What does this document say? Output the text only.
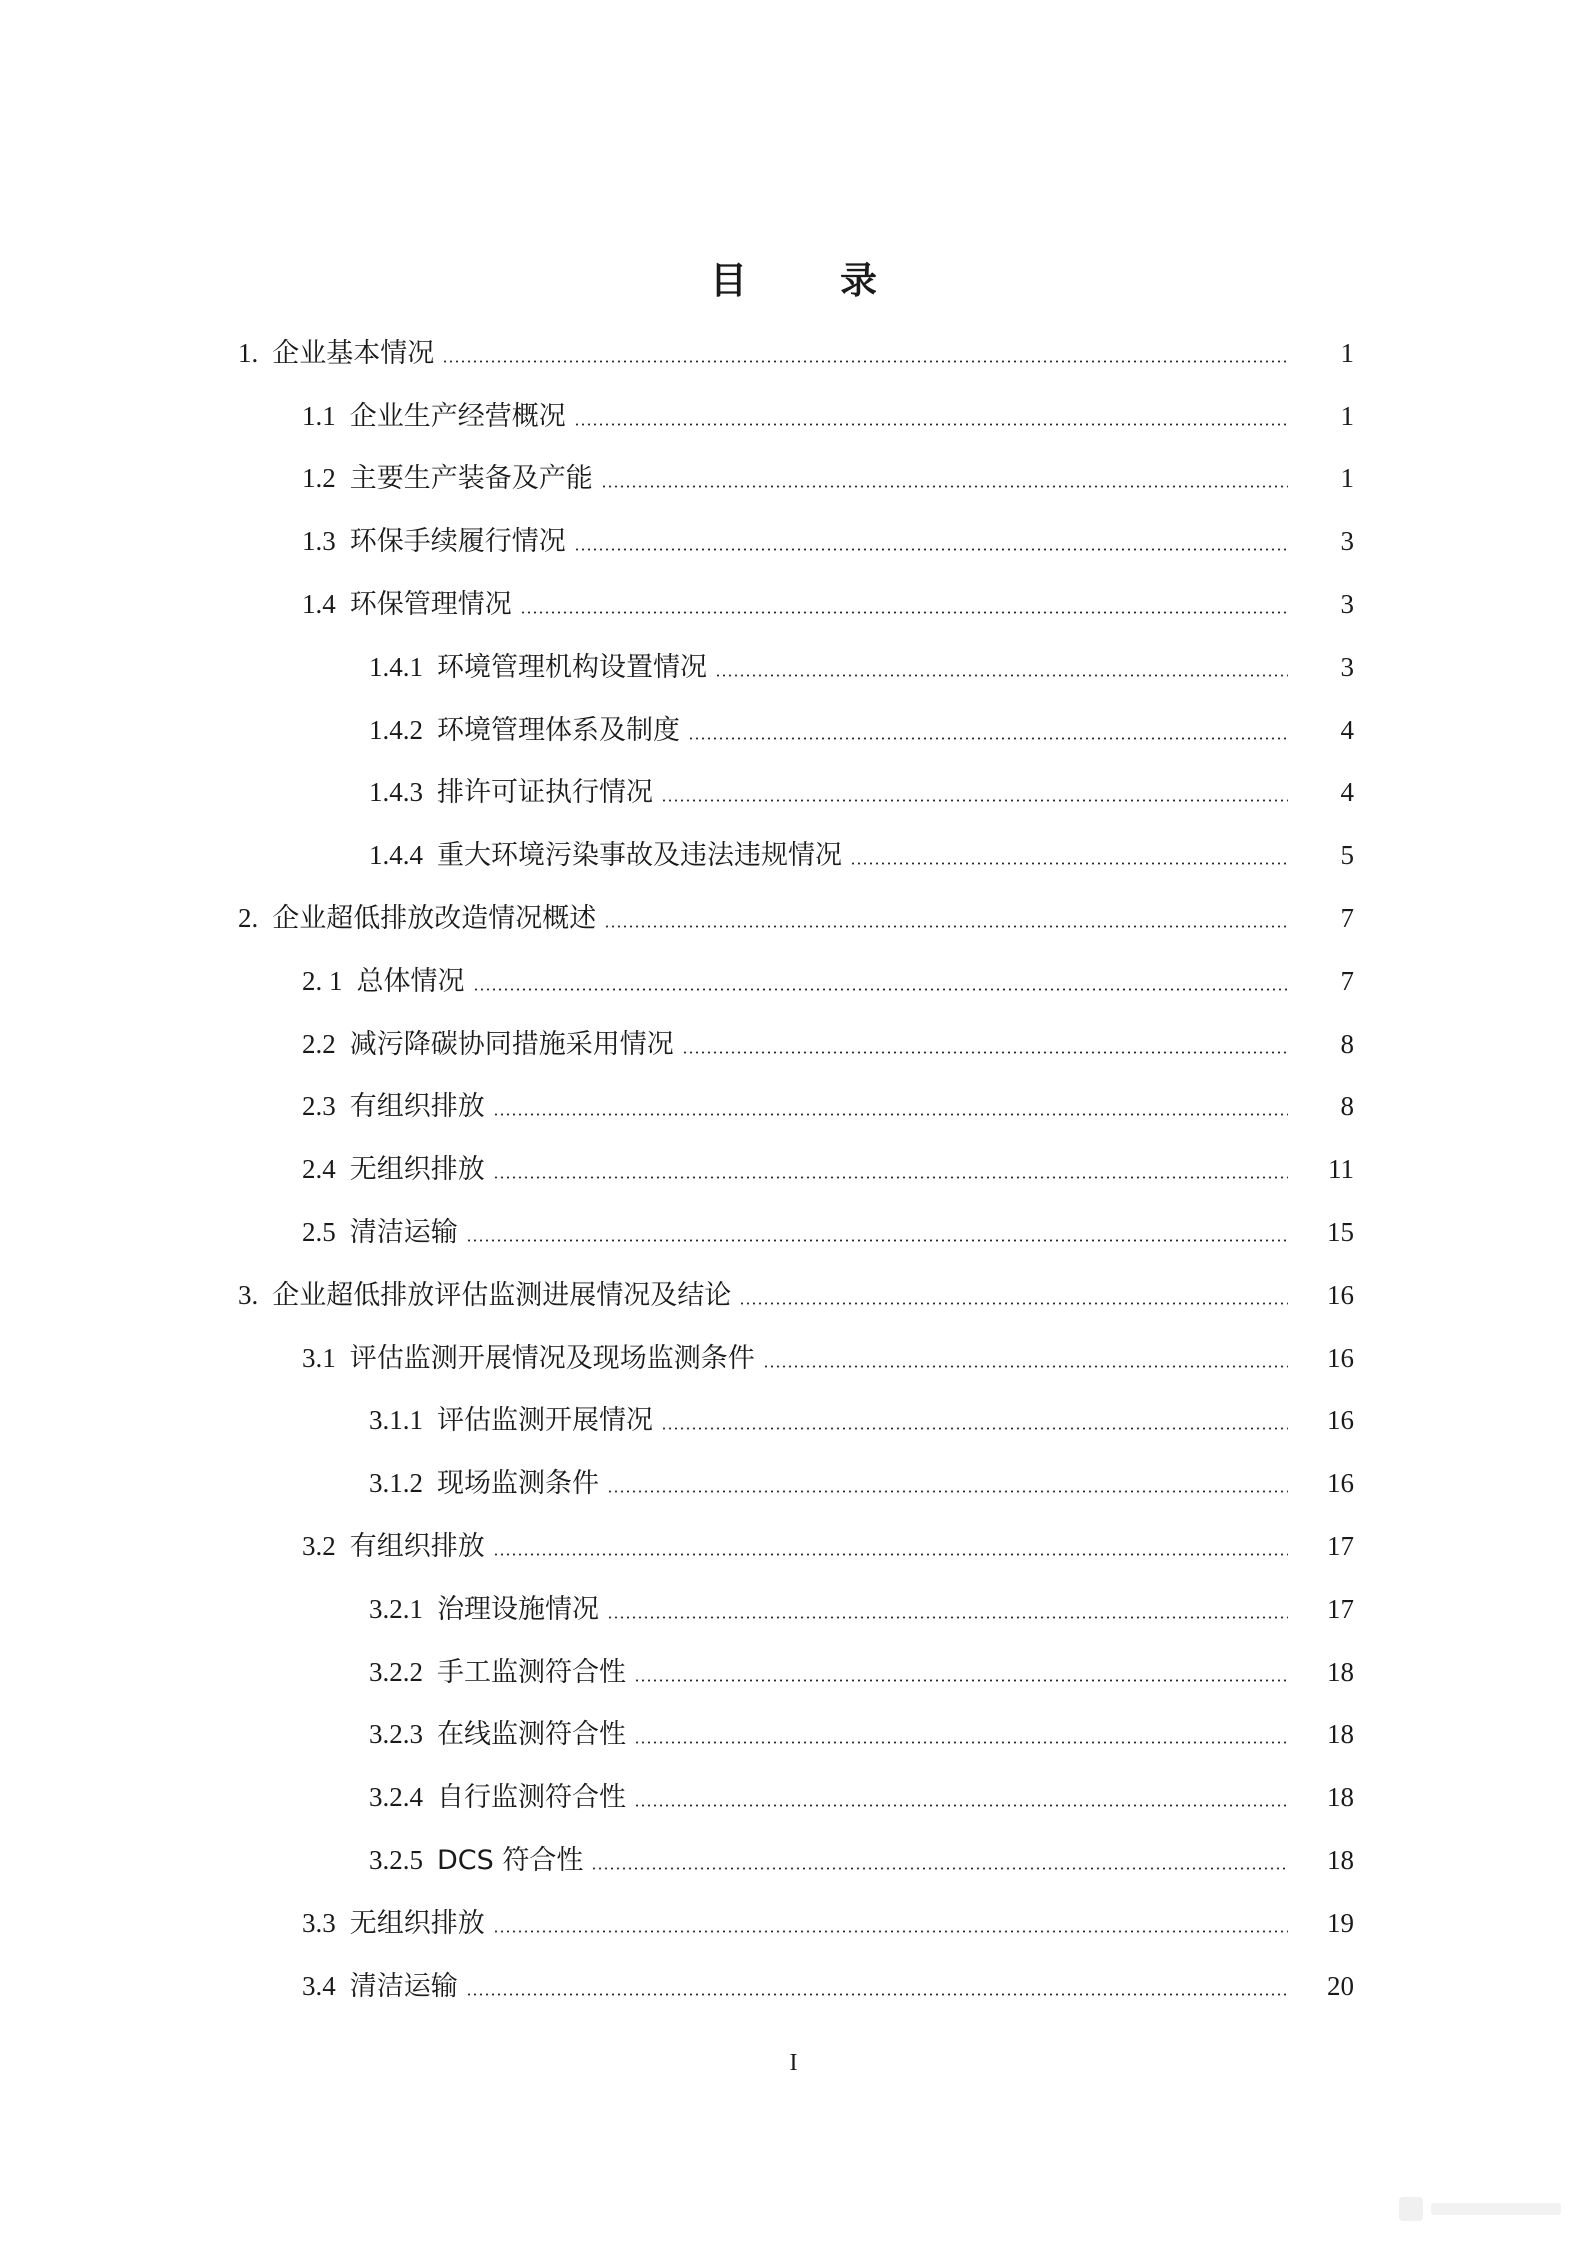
目　录
1. 企业基本情况	1
1.1 企业生产经营概况	1
1.2 主要生产装备及产能	1
1.3 环保手续履行情况	3
1.4 环保管理情况	3
1.4.1 环境管理机构设置情况	3
1.4.2 环境管理体系及制度	4
1.4.3 排许可证执行情况	4
1.4.4 重大环境污染事故及违法违规情况	5
2. 企业超低排放改造情况概述	7
2. 1 总体情况	7
2.2 减污降碳协同措施采用情况	8
2.3 有组织排放	8
2.4 无组织排放	11
2.5 清洁运输	15
3. 企业超低排放评估监测进展情况及结论	16
3.1 评估监测开展情况及现场监测条件	16
3.1.1 评估监测开展情况	16
3.1.2 现场监测条件	16
3.2 有组织排放	17
3.2.1 治理设施情况	17
3.2.2 手工监测符合性	18
3.2.3 在线监测符合性	18
3.2.4 自行监测符合性	18
3.2.5 DCS 符合性	18
3.3 无组织排放	19
3.4 清洁运输	20
I
